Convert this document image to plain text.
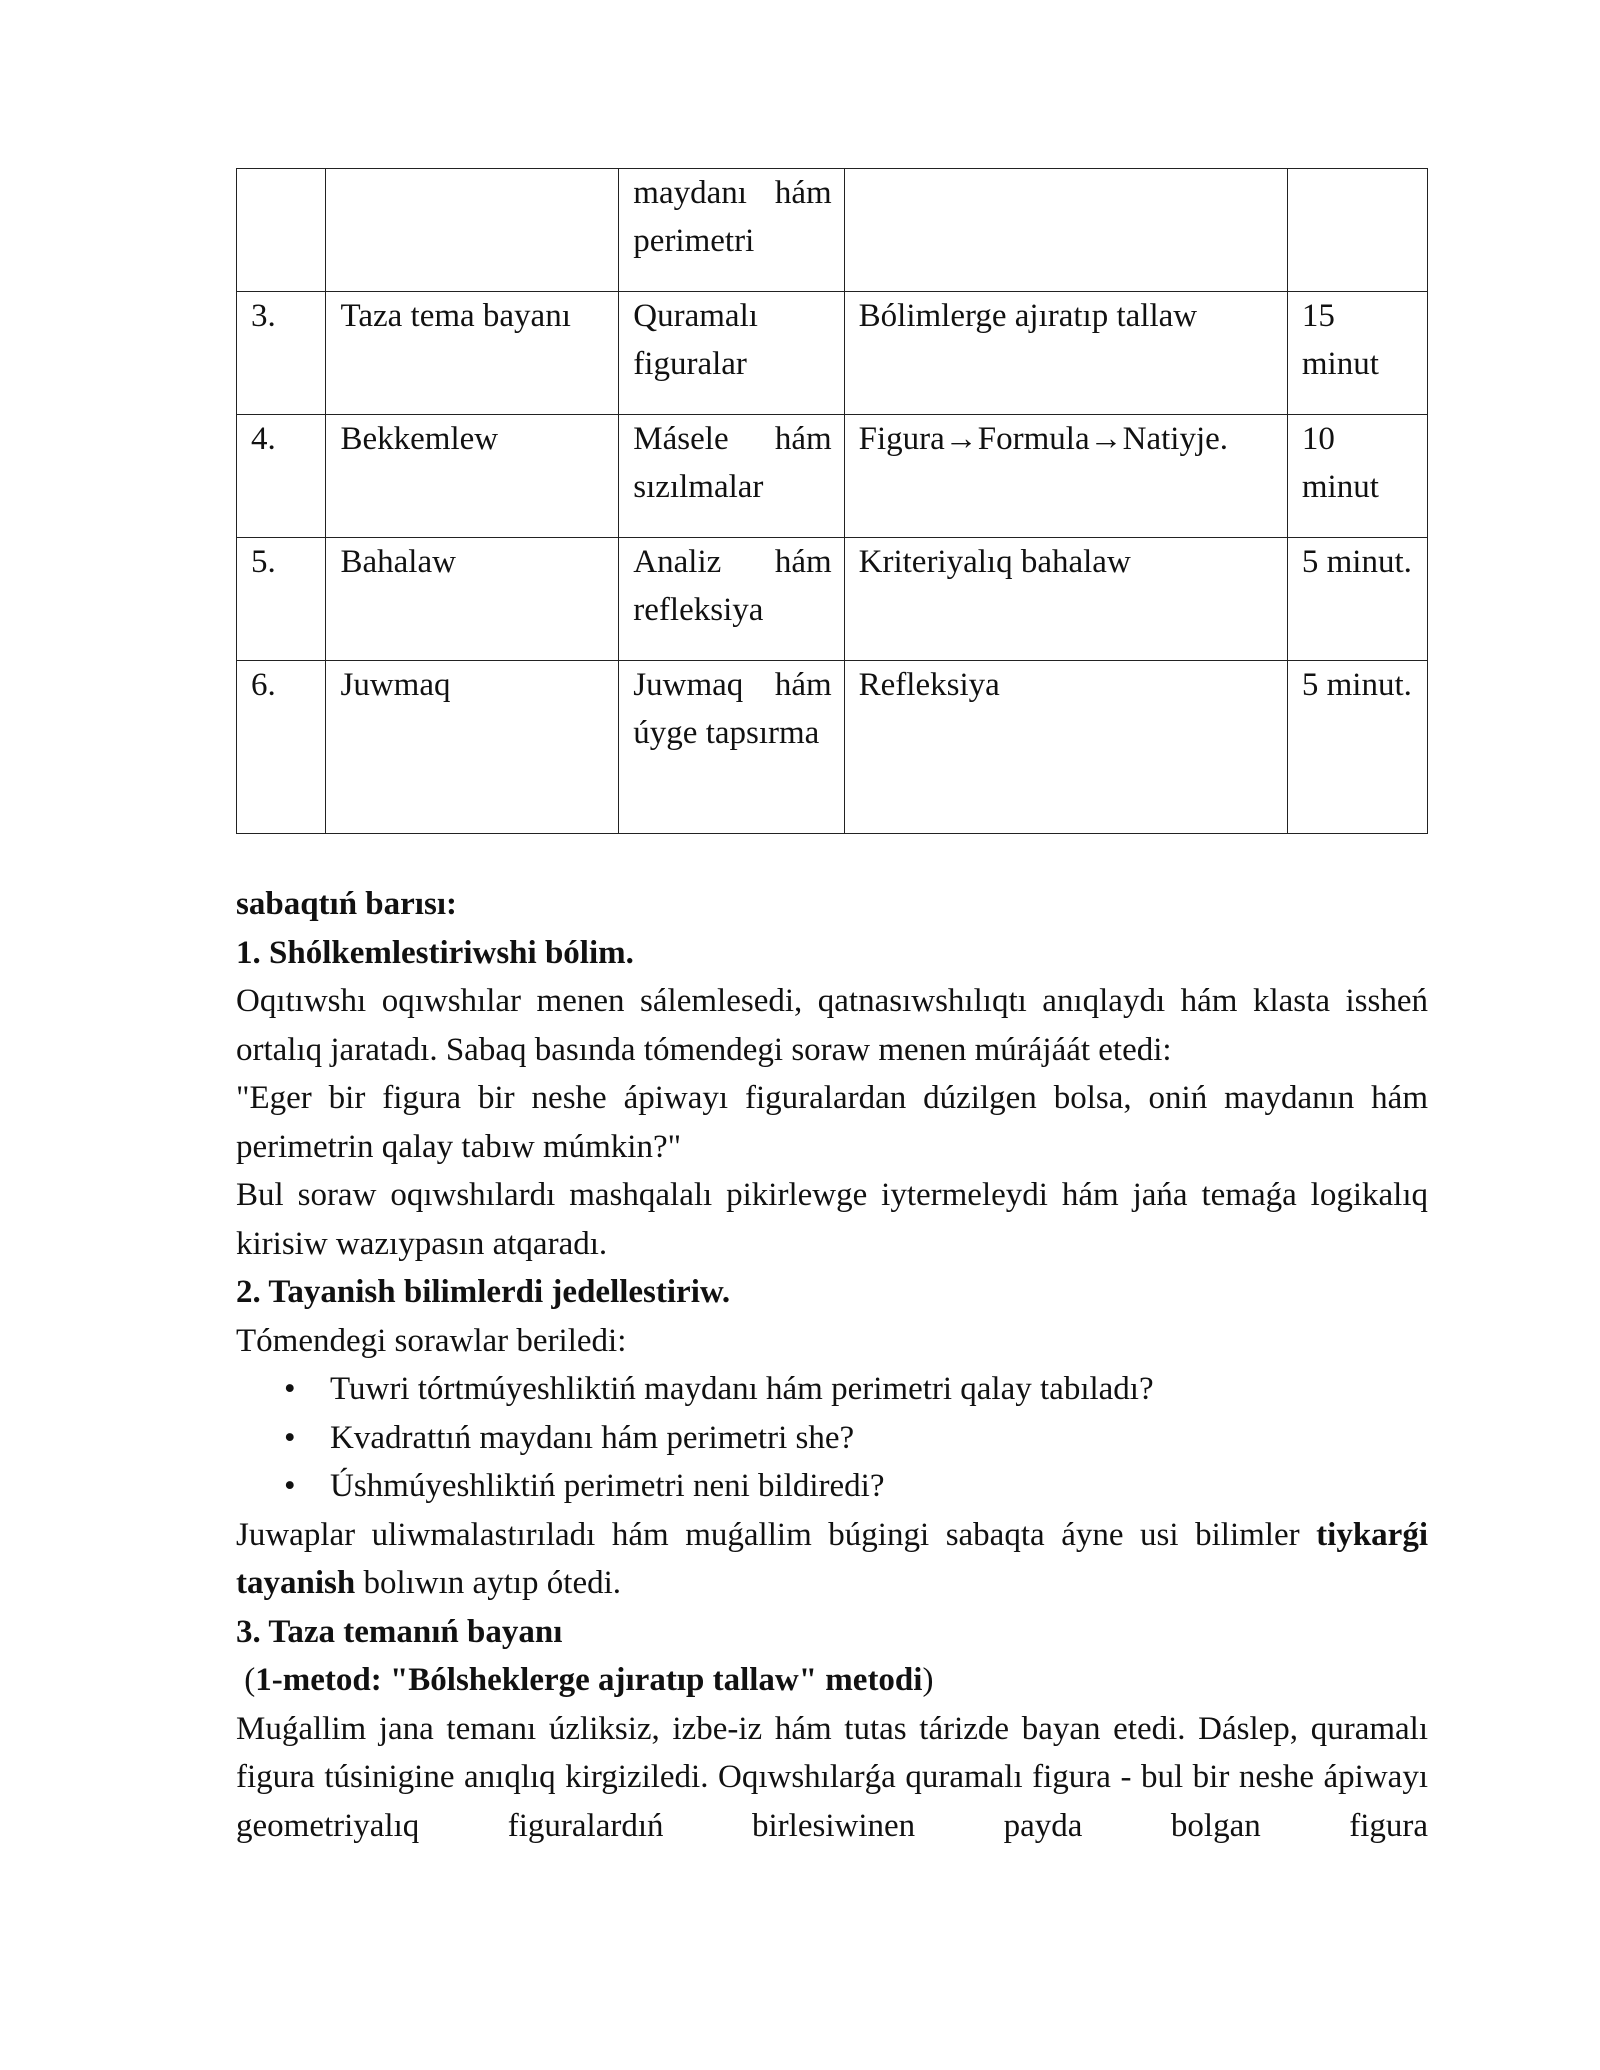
		maydanı hám perimetri		
3.	Taza tema bayanı	Quramalı figuralar	Bólimlerge ajıratıp tallaw	15 minut
4.	Bekkemlew	Másele hám sızılmalar	Figura→Formula→Natiyje.	10 minut
5.	Bahalaw	Analiz hám refleksiya	Kriteriyalıq bahalaw	5 minut.
6.	Juwmaq	Juwmaq hám úyge tapsırma	Refleksiya	5 minut.

sabaqtıń barısı:

1. Shólkemlestiriwshi bólim.

Oqıtıwshı oqıwshılar menen sálemlesedi, qatnasıwshılıqtı anıqlaydı hám klasta issheń ortalıq jaratadı. Sabaq basında tómendegi soraw menen múrájáát etedi:

"Eger bir figura bir neshe ápiwayı figuralardan dúzilgen bolsa, oniń maydanın hám perimetrin qalay tabıw múmkin?"

Bul soraw oqıwshılardı mashqalalı pikirlewge iytermeleydi hám jańa temaǵa logikalıq kirisiw wazıypasın atqaradı.

2. Tayanish bilimlerdi jedellestiriw.

Tómendegi sorawlar beriledi:

• Tuwri tórtmúyeshliktiń maydanı hám perimetri qalay tabıladı?
• Kvadrattıń maydanı hám perimetri she?
• Úshmúyeshliktiń perimetri neni bildiredi?

Juwaplar uliwmalastırıladı hám muǵallim búgingi sabaqta áyne usi bilimler tiykarǵi tayanish bolıwın aytıp ótedi.

3. Taza temanıń bayanı

(1-metod: "Bólsheklerge ajıratıp tallaw" metodi)

Muǵallim jana temanı úzliksiz, izbe-iz hám tutas tárizde bayan etedi. Dáslep, quramalı figura túsinigine anıqlıq kirgiziledi. Oqıwshılarǵa quramalı figura - bul bir neshe ápiwayı geometriyalıq figuralardıń birlesiwinen payda bolgan figura
